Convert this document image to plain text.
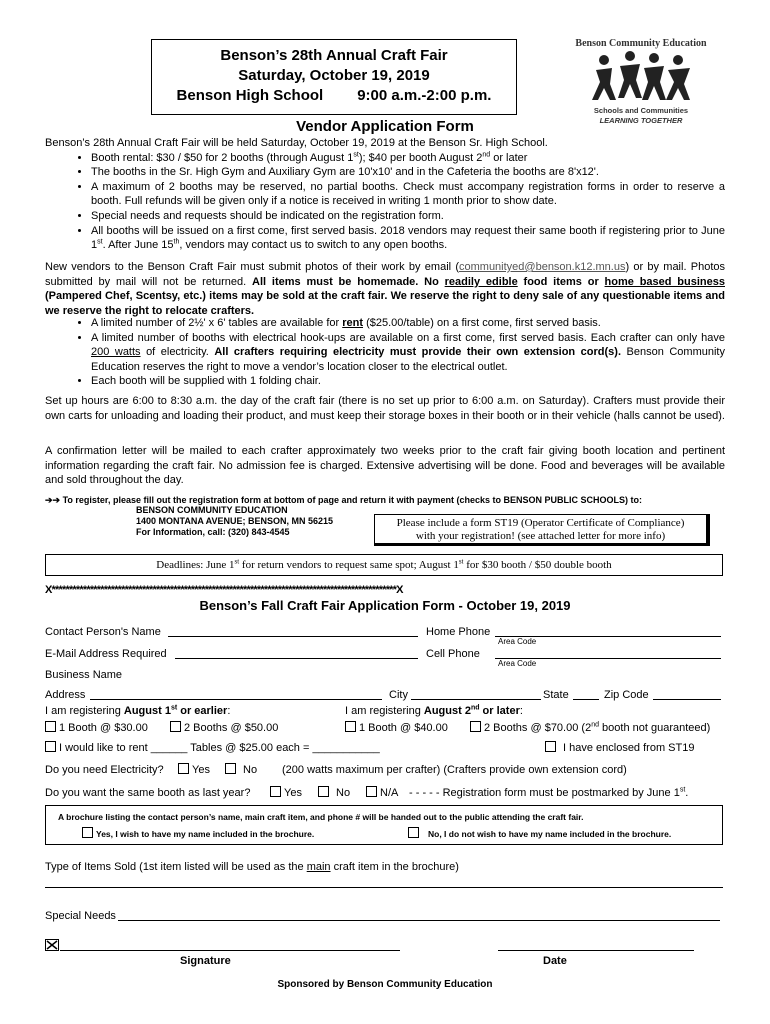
Benson’s 28th Annual Craft Fair
Saturday, October 19, 2019
Benson High School 9:00 a.m.-2:00 p.m.
Benson Community Education
Schools and Communities
LEARNING TOGETHER
Vendor Application Form
Benson’s 28th Annual Craft Fair will be held Saturday, October 19, 2019 at the Benson Sr. High School.
• Booth rental: $30 / $50 for 2 booths (through August 1st); $40 per booth August 2nd or later
• The booths in the Sr. High Gym and Auxiliary Gym are 10'x10' and in the Cafeteria the booths are 8'x12'.
• A maximum of 2 booths may be reserved, no partial booths. Check must accompany registration forms in order to reserve a booth. Full refunds will be given only if a notice is received in writing 1 month prior to show date.
• Special needs and requests should be indicated on the registration form.
• All booths will be issued on a first come, first served basis. 2018 vendors may request their same booth if registering prior to June 1st. After June 15th, vendors may contact us to switch to any open booths.
New vendors to the Benson Craft Fair must submit photos of their work by email (communityed@benson.k12.mn.us) or by mail. Photos submitted by mail will not be returned. All items must be homemade. No readily edible food items or home based business (Pampered Chef, Scentsy, etc.) items may be sold at the craft fair. We reserve the right to deny sale of any questionable items and we reserve the right to relocate crafters.
• A limited number of 2½' x 6' tables are available for rent ($25.00/table) on a first come, first served basis.
• A limited number of booths with electrical hook-ups are available on a first come, first served basis. Each crafter can only have 200 watts of electricity. All crafters requiring electricity must provide their own extension cord(s). Benson Community Education reserves the right to move a vendor’s location closer to the electrical outlet.
• Each booth will be supplied with 1 folding chair.
Set up hours are 6:00 to 8:30 a.m. the day of the craft fair (there is no set up prior to 6:00 a.m. on Saturday). Crafters must provide their own carts for unloading and loading their product, and must keep their storage boxes in their booth or in their vehicle (halls cannot be used).
A confirmation letter will be mailed to each crafter approximately two weeks prior to the craft fair giving booth location and pertinent information regarding the craft fair. No admission fee is charged. Extensive advertising will be done. Food and beverages will be available and sold throughout the day.
➔➔ To register, please fill out the registration form at bottom of page and return it with payment (checks to BENSON PUBLIC SCHOOLS) to:
BENSON COMMUNITY EDUCATION
1400 MONTANA AVENUE; BENSON, MN 56215
For Information, call: (320) 843-4545
Please include a form ST19 (Operator Certificate of Compliance)
with your registration! (see attached letter for more info)
Deadlines: June 1st for return vendors to request same spot; August 1st for $30 booth / $50 double booth
X***************************************************************************************************X
Benson’s Fall Craft Fair Application Form - October 19, 2019
Contact Person's Name	Home Phone
Area Code
E-Mail Address Required	Cell Phone
Area Code
Business Name
Address	City	State	Zip Code
I am registering August 1st or earlier:	I am registering August 2nd or later:
1 Booth @ $30.00	2 Booths @ $50.00	1 Booth @ $40.00	2 Booths @ $70.00 (2nd booth not guaranteed)
I would like to rent ______ Tables @ $25.00 each = ___________	I have enclosed from ST19
Do you need Electricity?	Yes	No (200 watts maximum per crafter) (Crafters provide own extension cord)
Do you want the same booth as last year?	Yes	No	N/A - - - - - Registration form must be postmarked by June 1st.
A brochure listing the contact person’s name, main craft item, and phone # will be handed out to the public attending the craft fair.
Yes, I wish to have my name included in the brochure.	No, I do not wish to have my name included in the brochure.
Type of Items Sold (1st item listed will be used as the main craft item in the brochure)
Special Needs
Signature	Date
Sponsored by Benson Community Education
